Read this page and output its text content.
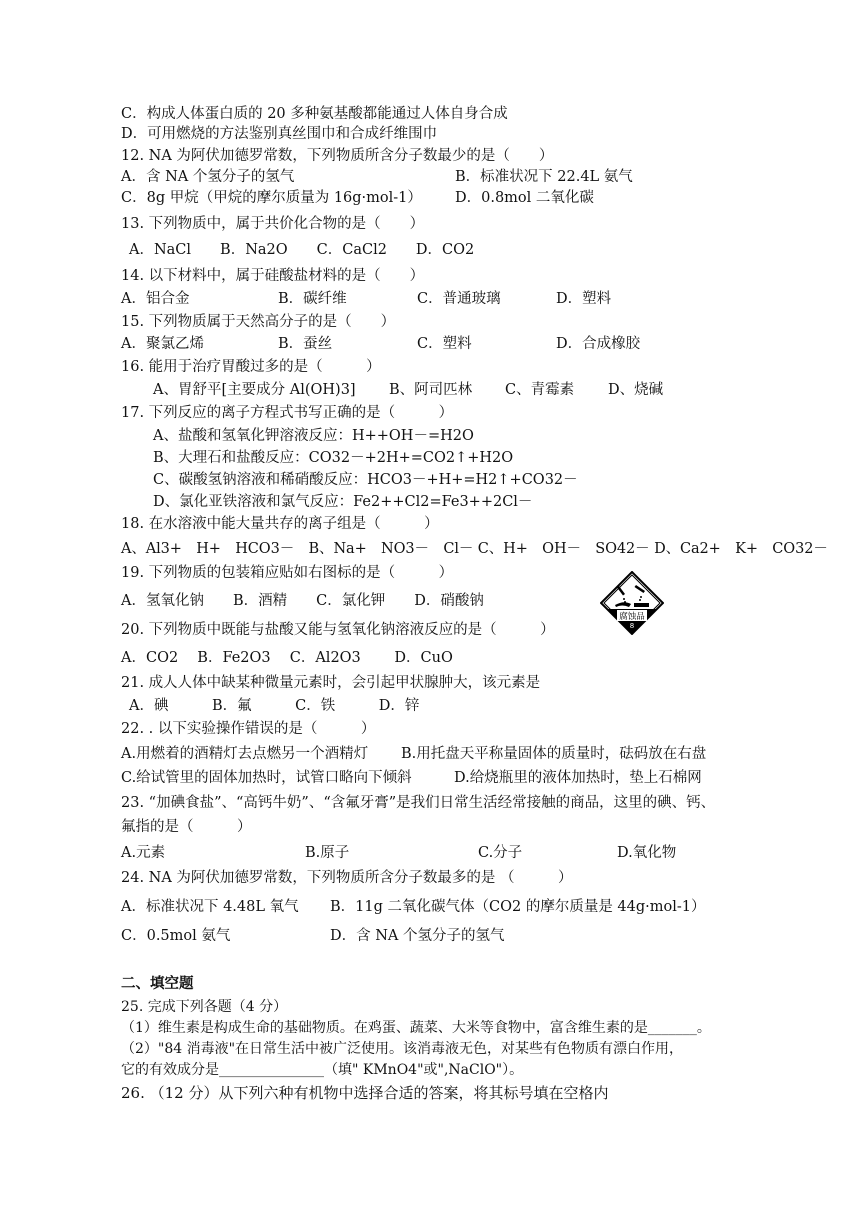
C．构成人体蛋白质的 20 多种氨基酸都能通过人体自身合成
D．可用燃烧的方法鉴别真丝围巾和合成纤维围巾
12. NA 为阿伏加德罗常数，下列物质所含分子数最少的是（　　）
A．含 NA 个氢分子的氢气	B．标准状况下 22.4L 氨气
C．8g 甲烷（甲烷的摩尔质量为 16g·mol-1） D．0.8mol 二氧化碳
13. 下列物质中，属于共价化合物的是（　　）
A．NaCl　　B．Na2O　　C．CaCl2　　D．CO2
14. 以下材料中，属于硅酸盐材料的是（　　）
A．铝合金	B．碳纤维	C．普通玻璃	D．塑料
15. 下列物质属于天然高分子的是（　　）
A．聚氯乙烯	B．蚕丝	C．塑料	D．合成橡胶
16. 能用于治疗胃酸过多的是（　　　）
A、胃舒平[主要成分 Al(OH)3] B、阿司匹林 C、青霉素 D、烧碱
17. 下列反应的离子方程式书写正确的是（　　　）
A、盐酸和氢氧化钾溶液反应：H++OH－=H2O
B、大理石和盐酸反应：CO32－+2H+=CO2↑+H2O
C、碳酸氢钠溶液和稀硝酸反应：HCO3－+H+=H2↑+CO32－
D、氯化亚铁溶液和氯气反应：Fe2++Cl2=Fe3++2Cl－
18. 在水溶液中能大量共存的离子组是（　　　）
A、Al3+　H+　HCO3－　B、Na+　NO3－　Cl－ C、H+　OH－　SO42－ D、Ca2+　K+　CO32－
19. 下列物质的包装箱应贴如右图标的是（　　　）
A．氢氧化钠　　B．酒精　　C．氯化钾　　D．硝酸钠
腐蚀品
8
20. 下列物质中既能与盐酸又能与氢氧化钠溶液反应的是（　　　）
A．CO2　 B．Fe2O3　 C．Al2O3　　 D．CuO
21. 成人人体中缺某种微量元素时，会引起甲状腺肿大，该元素是
A．碘　　　B．氟　　　C．铁　　　D．锌
22. . 以下实验操作错误的是（　　　）
A.用燃着的酒精灯去点燃另一个酒精灯 B.用托盘天平称量固体的质量时，砝码放在右盘
C.给试管里的固体加热时，试管口略向下倾斜	D.给烧瓶里的液体加热时，垫上石棉网
23. “加碘食盐”、“高钙牛奶”、“含氟牙膏”是我们日常生活经常接触的商品，这里的碘、钙、
氟指的是（　　　）
A.元素	B.原子	C.分子	D.氧化物
24. NA 为阿伏加德罗常数，下列物质所含分子数最多的是 （　　　）
A．标准状况下 4.48L 氧气 B．11g 二氧化碳气体（CO2 的摩尔质量是 44g·mol-1）
C．0.5mol 氨气	D．含 NA 个氢分子的氢气
二、填空题
25. 完成下列各题（4 分）
（1）维生素是构成生命的基础物质。在鸡蛋、蔬菜、大米等食物中，富含维生素的是_______。
（2）"84 消毒液"在日常生活中被广泛使用。该消毒液无色，对某些有色物质有漂白作用，
它的有效成分是_______________（填" KMnO4"或",NaClO"）。
26. （12 分）从下列六种有机物中选择合适的答案，将其标号填在空格内
